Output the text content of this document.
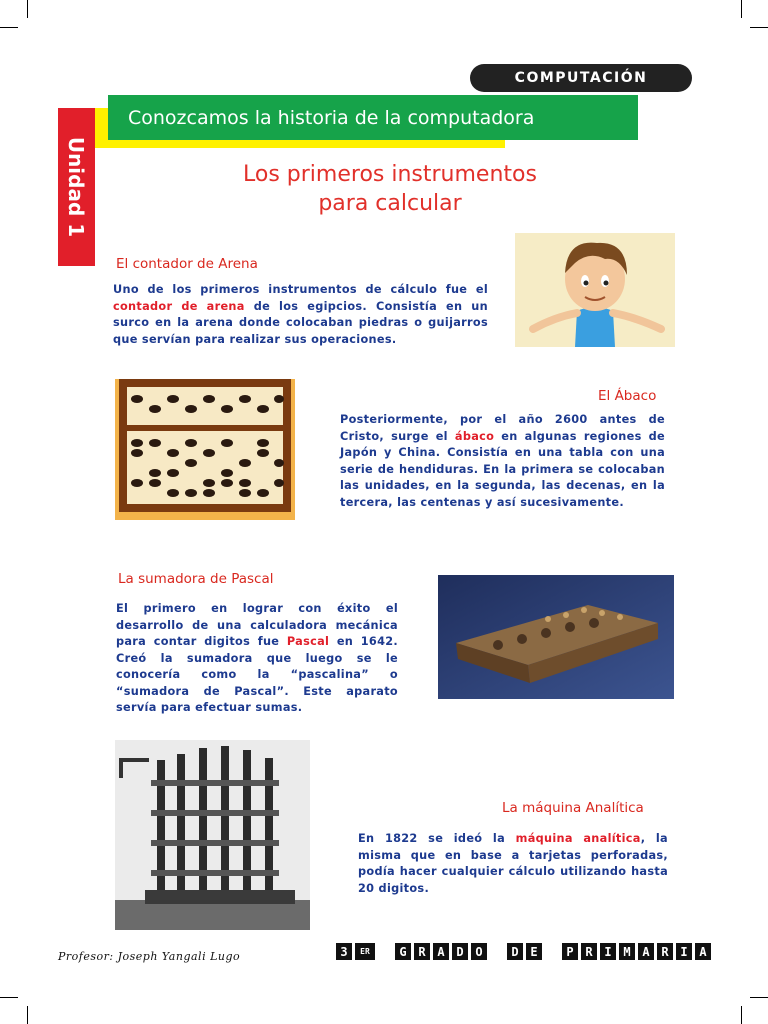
COMPUTACIÓN
Unidad 1
Conozcamos la historia de la computadora
Los primeros instrumentos
para calcular
El contador de Arena
Uno de los primeros instrumentos de cálculo fue el contador de arena de los egipcios. Consistía en un surco en la arena donde colocaban piedras o guijarros que servían para realizar sus operaciones.
El Ábaco
Posteriormente, por el año 2600 antes de Cristo, surge el ábaco en algunas regiones de Japón y China. Consistía en una tabla con una serie de hendiduras. En la primera se colocaban las unidades, en la segunda, las decenas, en la tercera, las centenas y así sucesivamente.
La sumadora de Pascal
El primero en lograr con éxito el desarrollo de una calculadora mecánica para contar digitos fue Pascal en 1642. Creó la sumadora que luego se le conocería como la “pascalina” o “sumadora de Pascal”. Este aparato servía para efectuar sumas.
La máquina Analítica
En 1822 se ideó la máquina analítica, la misma que en base a tarjetas perforadas, podía hacer cualquier cálculo utilizando hasta 20 digitos.
Profesor: Joseph Yangali Lugo	3	ER	G R A D O	D E	P R I M A R I A
